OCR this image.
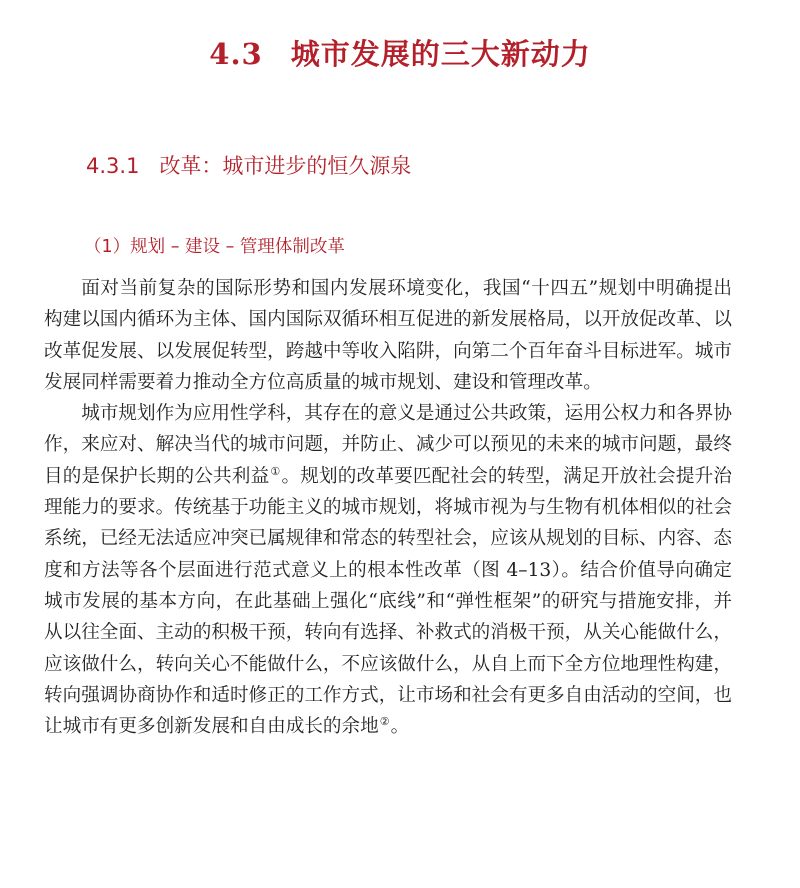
4.3 城市发展的三大新动力
4.3.1 改革：城市进步的恒久源泉
（1）规划 – 建设 – 管理体制改革

面对当前复杂的国际形势和国内发展环境变化，我国“十四五”规划中明确提出构建以国内循环为主体、国内国际双循环相互促进的新发展格局，以开放促改革、以改革促发展、以发展促转型，跨越中等收入陷阱，向第二个百年奋斗目标进军。城市发展同样需要着力推动全方位高质量的城市规划、建设和管理改革。

城市规划作为应用性学科，其存在的意义是通过公共政策，运用公权力和各界协作，来应对、解决当代的城市问题，并防止、减少可以预见的未来的城市问题，最终目的是保护长期的公共利益①。规划的改革要匹配社会的转型，满足开放社会提升治理能力的要求。传统基于功能主义的城市规划，将城市视为与生物有机体相似的社会系统，已经无法适应冲突已属规律和常态的转型社会，应该从规划的目标、内容、态度和方法等各个层面进行范式意义上的根本性改革（图 4–13）。结合价值导向确定城市发展的基本方向，在此基础上强化“底线”和“弹性框架”的研究与措施安排，并从以往全面、主动的积极干预，转向有选择、补救式的消极干预，从关心能做什么，应该做什么，转向关心不能做什么，不应该做什么，从自上而下全方位地理性构建，转向强调协商协作和适时修正的工作方式，让市场和社会有更多自由活动的空间，也让城市有更多创新发展和自由成长的余地②。
